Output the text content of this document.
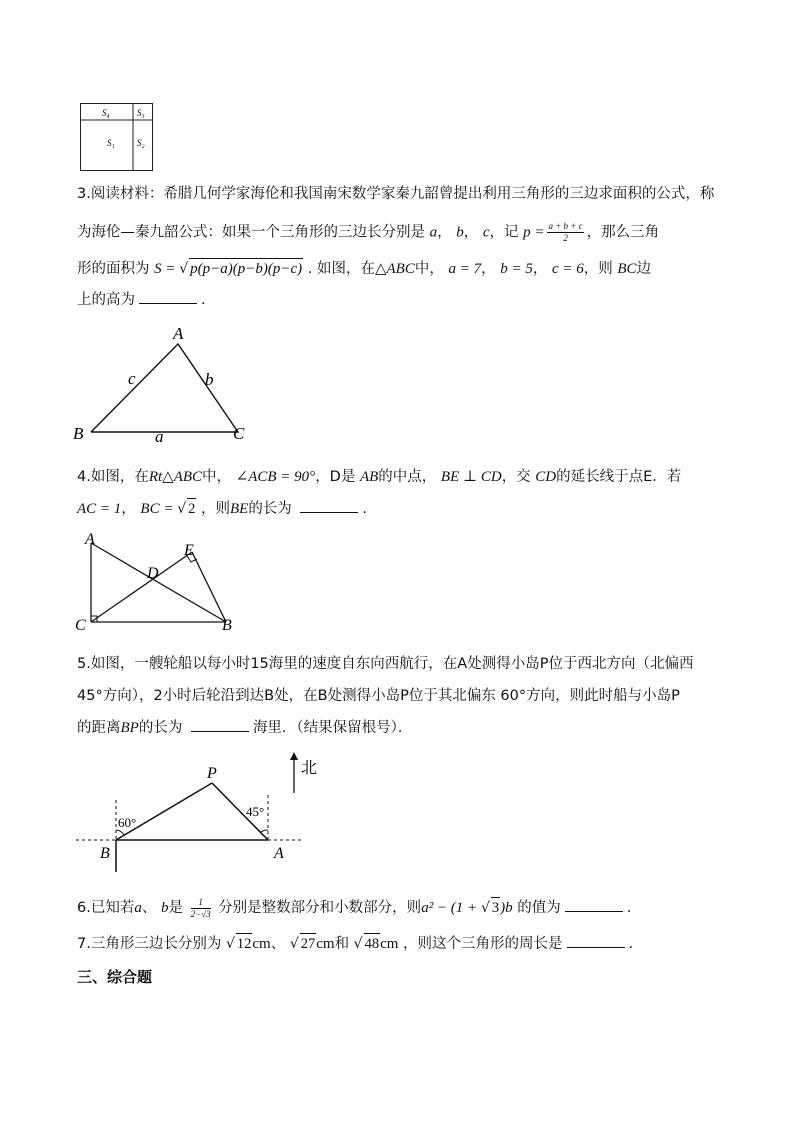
S₄	S₃
S₁ S₂
3.阅读材料：希腊几何学家海伦和我国南宋数学家秦九韶曾提出利用三角形的三边求面积的公式，称
为海伦—秦九韶公式：如果一个三角形的三边长分别是 a， b， c，记 $p = \frac{a + b + c}{2}$ ，那么三角
形的面积为 S = √ p(p−a)(p−b)(p−c) . 如图，在△ABC中， a = 7， b = 5， c = 6，则 BC边
上的高为	.
A
B	C
c	b
a
4.如图，在Rt△ABC中， ∠ACB = 90°，D是 AB的中点， BE ⊥ CD，交 CD的延长线于点E．若
AC = 1， BC = √ 2 ，则BE的长为	.
A
C	B
D
E
5.如图，一艘轮船以每小时15海里的速度自东向西航行，在A处测得小岛P位于西北方向（北偏西
45°方向），2小时后轮沿到达B处，在B处测得小岛P位于其北偏东 60°方向，则此时船与小岛P
的距离BP的长为	海里．（结果保留根号）．
北
P
B	A
60°
45°
6.已知若a、 b是 $\frac{1}{2-√3}$ 分别是整数部分和小数部分，则a² − (1 + √ 3)b 的值为	.
7.三角形三边长分别为 √ 12cm、 √ 27cm和 √ 48cm ，则这个三角形的周长是	.
三、综合题
